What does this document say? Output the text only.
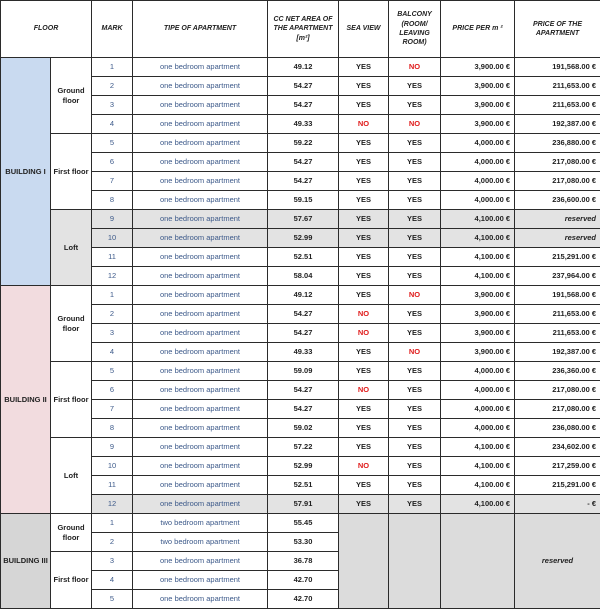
FLOOR		MARK	TIPE OF APARTMENT	CC NET AREA OF THE APARTMENT [m²]	SEA VIEW	BALCONY (ROOM/ LEAVING ROOM)	PRICE PER m ²	PRICE OF THE APARTMENT
BUILDING I	Ground floor	1	one bedroom apartment	49.12	YES	NO	3,900.00 €	191,568.00 €
		2	one bedroom apartment	54.27	YES	YES	3,900.00 €	211,653.00 €
		3	one bedroom apartment	54.27	YES	YES	3,900.00 €	211,653.00 €
		4	one bedroom apartment	49.33	NO	NO	3,900.00 €	192,387.00 €
	First floor	5	one bedroom apartment	59.22	YES	YES	4,000.00 €	236,880.00 €
		6	one bedroom apartment	54.27	YES	YES	4,000.00 €	217,080.00 €
		7	one bedroom apartment	54.27	YES	YES	4,000.00 €	217,080.00 €
		8	one bedroom apartment	59.15	YES	YES	4,000.00 €	236,600.00 €
	Loft	9	one bedroom apartment	57.67	YES	YES	4,100.00 €	reserved
		10	one bedroom apartment	52.99	YES	YES	4,100.00 €	reserved
		11	one bedroom apartment	52.51	YES	YES	4,100.00 €	215,291.00 €
		12	one bedroom apartment	58.04	YES	YES	4,100.00 €	237,964.00 €
BUILDING II	Ground floor	1	one bedroom apartment	49.12	YES	NO	3,900.00 €	191,568.00 €
		2	one bedroom apartment	54.27	NO	YES	3,900.00 €	211,653.00 €
		3	one bedroom apartment	54.27	NO	YES	3,900.00 €	211,653.00 €
		4	one bedroom apartment	49.33	YES	NO	3,900.00 €	192,387.00 €
	First floor	5	one bedroom apartment	59.09	YES	YES	4,000.00 €	236,360.00 €
		6	one bedroom apartment	54.27	NO	YES	4,000.00 €	217,080.00 €
		7	one bedroom apartment	54.27	YES	YES	4,000.00 €	217,080.00 €
		8	one bedroom apartment	59.02	YES	YES	4,000.00 €	236,080.00 €
	Loft	9	one bedroom apartment	57.22	YES	YES	4,100.00 €	234,602.00 €
		10	one bedroom apartment	52.99	NO	YES	4,100.00 €	217,259.00 €
		11	one bedroom apartment	52.51	YES	YES	4,100.00 €	215,291.00 €
		12	one bedroom apartment	57.91	YES	YES	4,100.00 €	- €
BUILDING III	Ground floor	1	two bedroom apartment	55.45				reserved
		2	two bedroom apartment	53.30				
	First floor	3	one bedroom apartment	36.78				
		4	one bedroom apartment	42.70				
		5	one bedroom apartment	42.70				
